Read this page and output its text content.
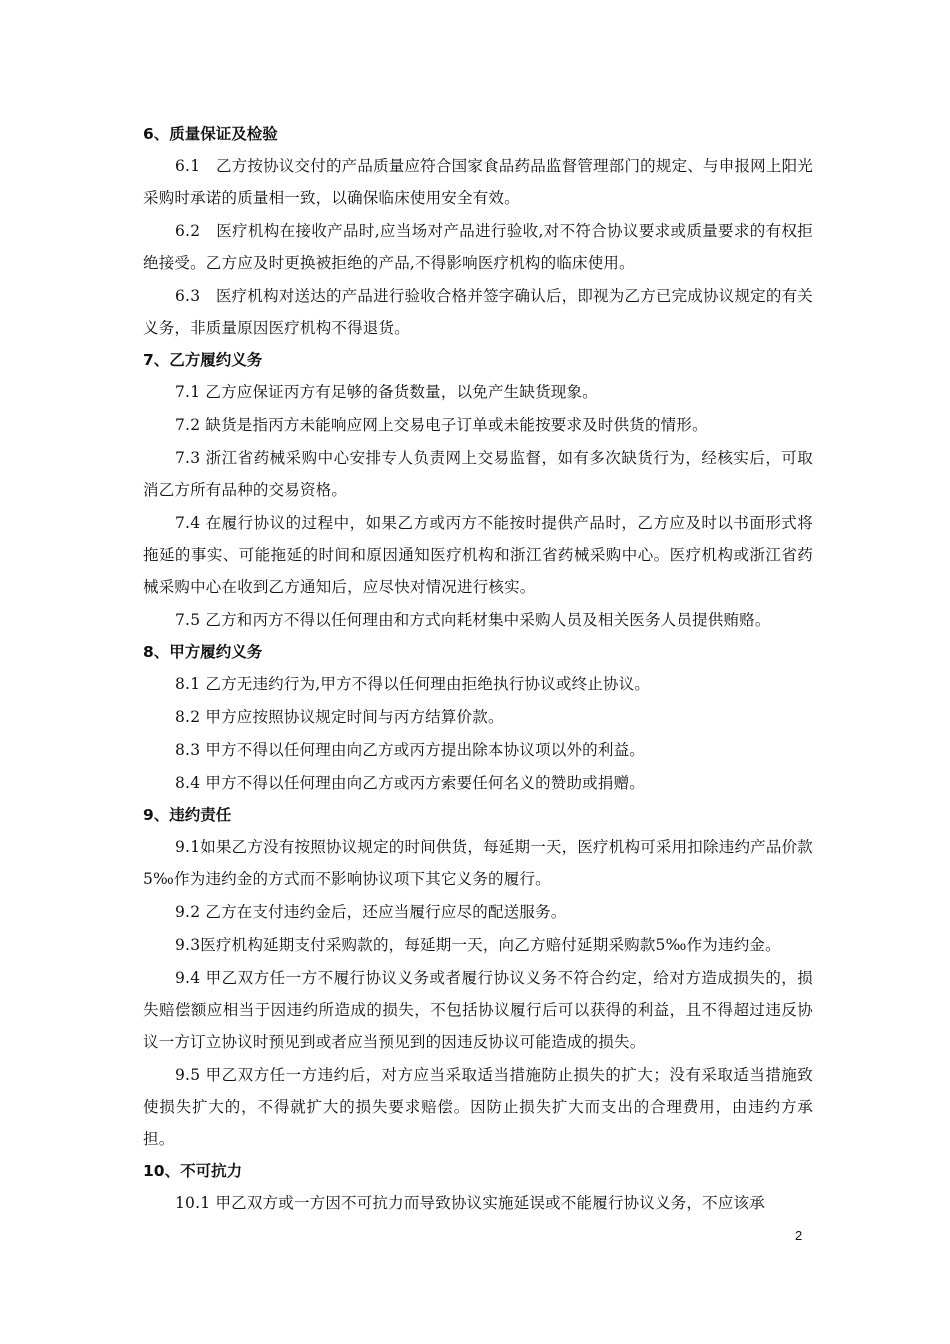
6、质量保证及检验

6.1　乙方按协议交付的产品质量应符合国家食品药品监督管理部门的规定、与申报网上阳光采购时承诺的质量相一致，以确保临床使用安全有效。

6.2　医疗机构在接收产品时,应当场对产品进行验收,对不符合协议要求或质量要求的有权拒绝接受。乙方应及时更换被拒绝的产品,不得影响医疗机构的临床使用。

6.3　医疗机构对送达的产品进行验收合格并签字确认后，即视为乙方已完成协议规定的有关义务，非质量原因医疗机构不得退货。

7、乙方履约义务

7.1 乙方应保证丙方有足够的备货数量，以免产生缺货现象。

7.2 缺货是指丙方未能响应网上交易电子订单或未能按要求及时供货的情形。

7.3 浙江省药械采购中心安排专人负责网上交易监督，如有多次缺货行为，经核实后，可取消乙方所有品种的交易资格。

7.4 在履行协议的过程中，如果乙方或丙方不能按时提供产品时，乙方应及时以书面形式将拖延的事实、可能拖延的时间和原因通知医疗机构和浙江省药械采购中心。医疗机构或浙江省药械采购中心在收到乙方通知后，应尽快对情况进行核实。

7.5 乙方和丙方不得以任何理由和方式向耗材集中采购人员及相关医务人员提供贿赂。

8、甲方履约义务

8.1 乙方无违约行为,甲方不得以任何理由拒绝执行协议或终止协议。

8.2 甲方应按照协议规定时间与丙方结算价款。

8.3 甲方不得以任何理由向乙方或丙方提出除本协议项以外的利益。

8.4 甲方不得以任何理由向乙方或丙方索要任何名义的赞助或捐赠。

9、违约责任

9.1如果乙方没有按照协议规定的时间供货，每延期一天，医疗机构可采用扣除违约产品价款5‰作为违约金的方式而不影响协议项下其它义务的履行。

9.2 乙方在支付违约金后，还应当履行应尽的配送服务。

9.3医疗机构延期支付采购款的，每延期一天，向乙方赔付延期采购款5‰作为违约金。

9.4 甲乙双方任一方不履行协议义务或者履行协议义务不符合约定，给对方造成损失的，损失赔偿额应相当于因违约所造成的损失，不包括协议履行后可以获得的利益，且不得超过违反协议一方订立协议时预见到或者应当预见到的因违反协议可能造成的损失。

9.5 甲乙双方任一方违约后，对方应当采取适当措施防止损失的扩大；没有采取适当措施致使损失扩大的，不得就扩大的损失要求赔偿。因防止损失扩大而支出的合理费用，由违约方承担。

10、不可抗力

10.1 甲乙双方或一方因不可抗力而导致协议实施延误或不能履行协议义务，不应该承

2
